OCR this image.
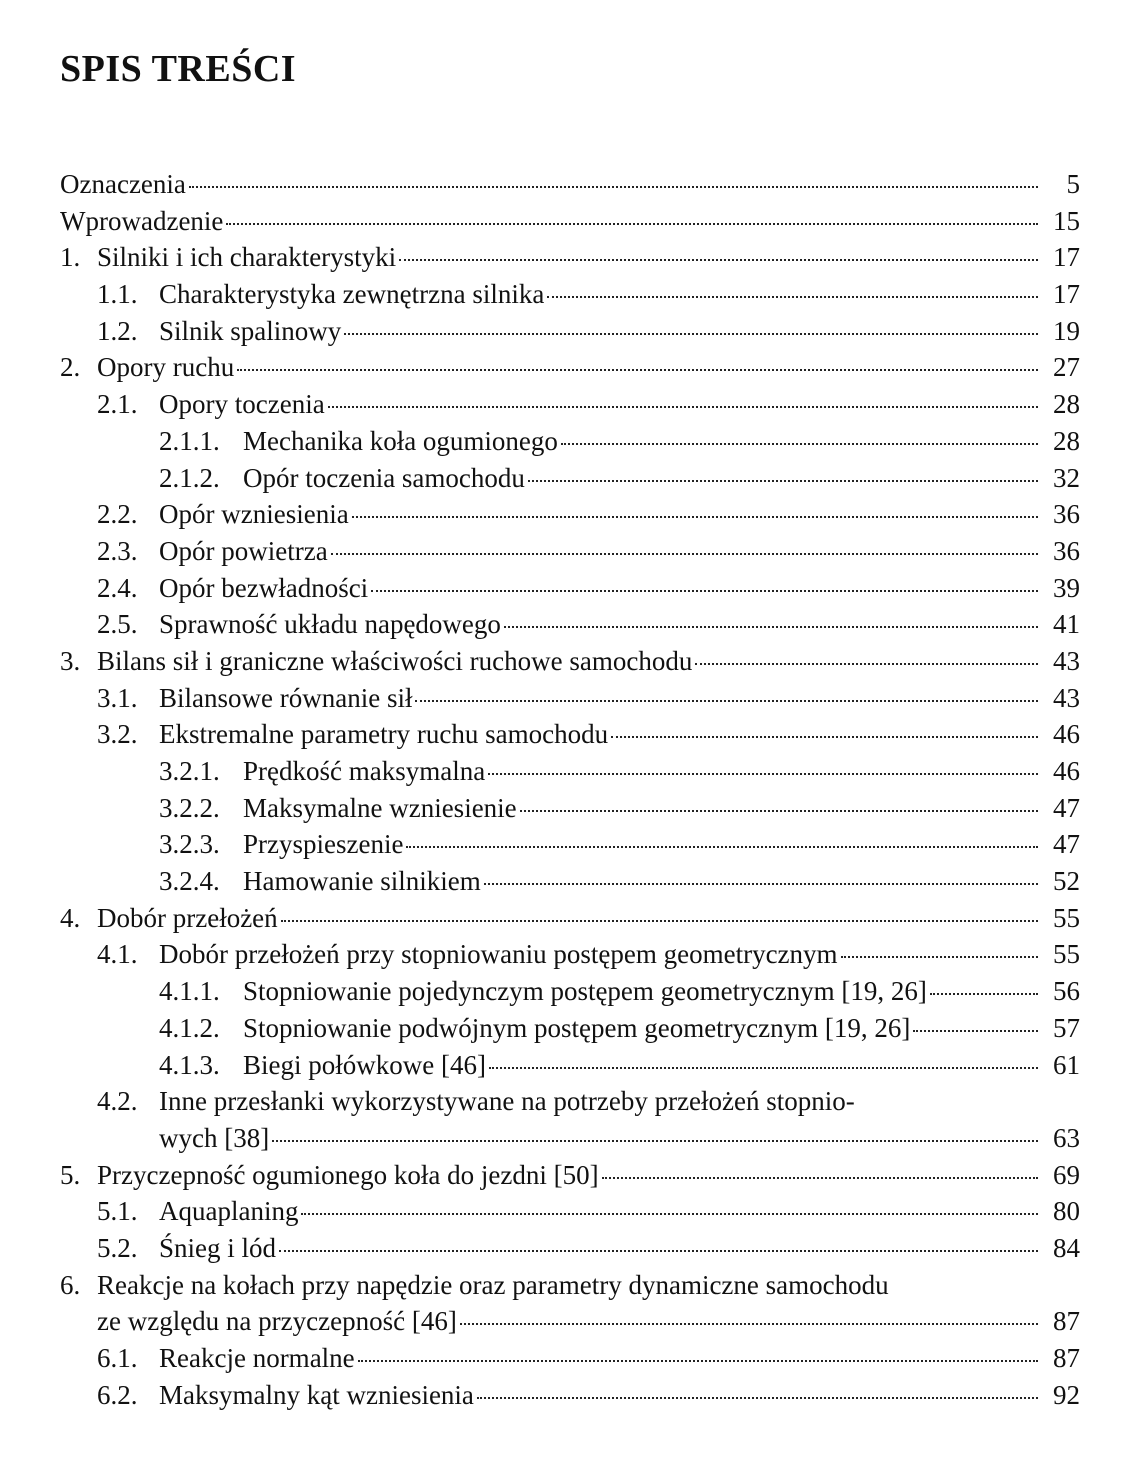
SPIS TREŚCI
Oznaczenia	5
Wprowadzenie	15
1. Silniki i ich charakterystyki	17
1.1. Charakterystyka zewnętrzna silnika	17
1.2. Silnik spalinowy	19
2. Opory ruchu	27
2.1. Opory toczenia	28
2.1.1. Mechanika koła ogumionego	28
2.1.2. Opór toczenia samochodu	32
2.2. Opór wzniesienia	36
2.3. Opór powietrza	36
2.4. Opór bezwładności	39
2.5. Sprawność układu napędowego	41
3. Bilans sił i graniczne właściwości ruchowe samochodu	43
3.1. Bilansowe równanie sił	43
3.2. Ekstremalne parametry ruchu samochodu	46
3.2.1. Prędkość maksymalna	46
3.2.2. Maksymalne wzniesienie	47
3.2.3. Przyspieszenie	47
3.2.4. Hamowanie silnikiem	52
4. Dobór przełożeń	55
4.1. Dobór przełożeń przy stopniowaniu postępem geometrycznym	55
4.1.1. Stopniowanie pojedynczym postępem geometrycznym [19, 26]	56
4.1.2. Stopniowanie podwójnym postępem geometrycznym [19, 26]	57
4.1.3. Biegi połówkowe [46]	61
4.2. Inne przesłanki wykorzystywane na potrzeby przełożeń stopnio-
wych [38]	63
5. Przyczepność ogumionego koła do jezdni [50]	69
5.1. Aquaplaning	80
5.2. Śnieg i lód	84
6. Reakcje na kołach przy napędzie oraz parametry dynamiczne samochodu
ze względu na przyczepność [46]	87
6.1. Reakcje normalne	87
6.2. Maksymalny kąt wzniesienia	92
